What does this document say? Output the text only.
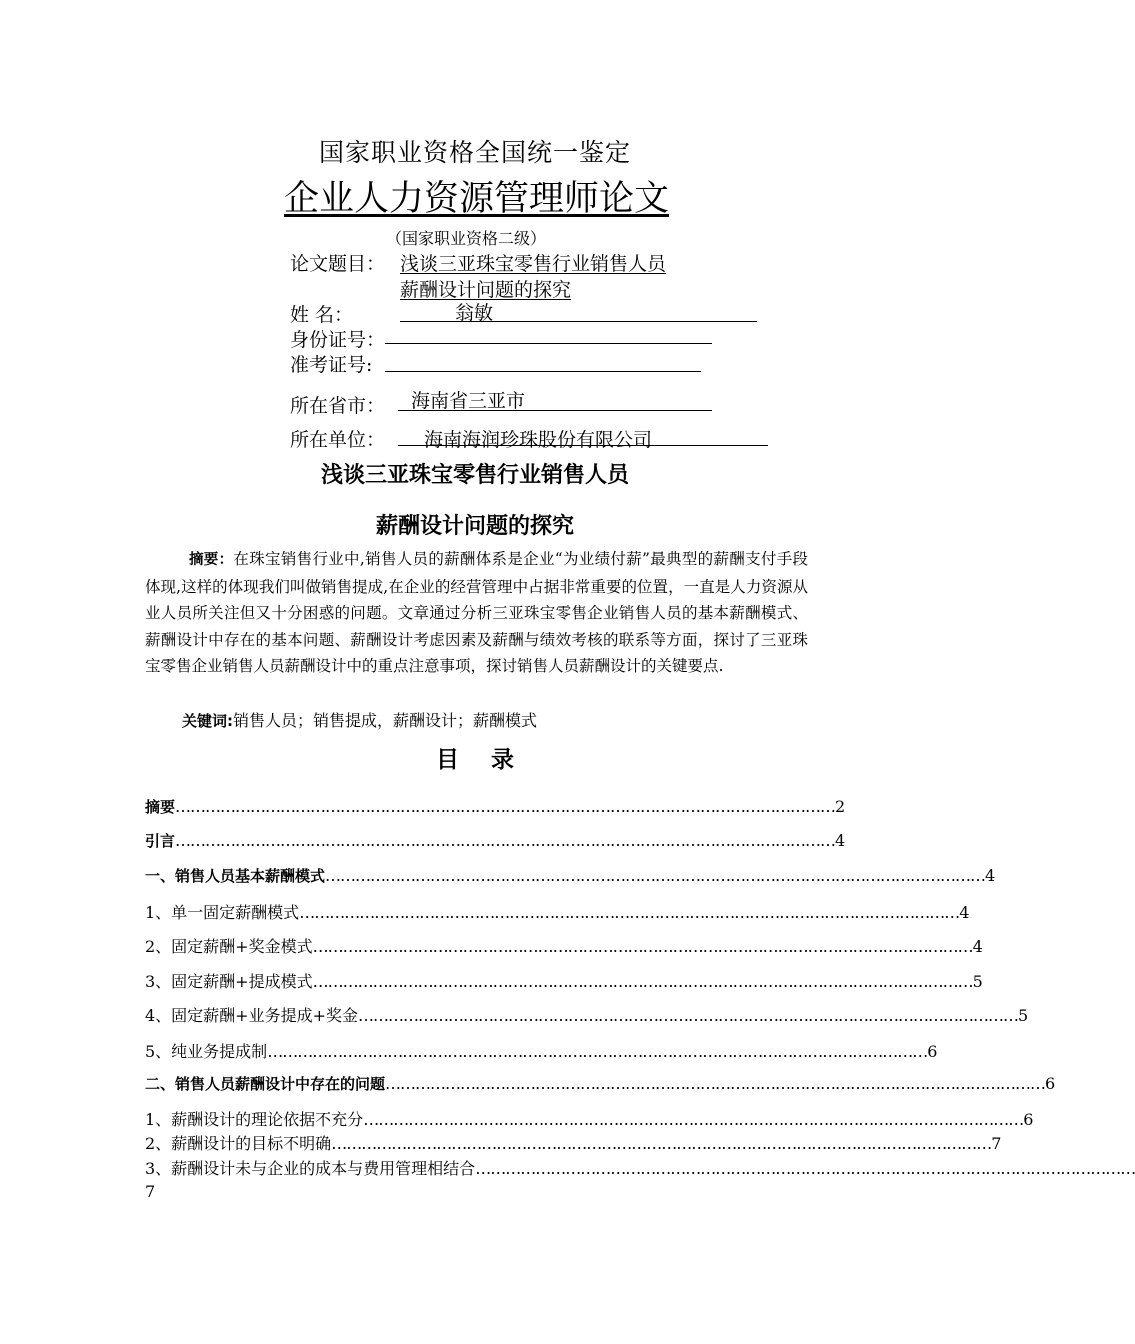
国家职业资格全国统一鉴定
企业人力资源管理师论文
（国家职业资格二级）
论文题目： 浅谈三亚珠宝零售行业销售人员
薪酬设计问题的探究
姓 名：	翁敏
身份证号：
准考证号:
所在省市： 海南省三亚市
所在单位： 海南海润珍珠股份有限公司
浅谈三亚珠宝零售行业销售人员
薪酬设计问题的探究
摘要：在珠宝销售行业中,销售人员的薪酬体系是企业“为业绩付薪”最典型的薪酬支付手段体现,这样的体现我们叫做销售提成,在企业的经营管理中占据非常重要的位置，一直是人力资源从业人员所关注但又十分困惑的问题。文章通过分析三亚珠宝零售企业销售人员的基本薪酬模式、薪酬设计中存在的基本问题、薪酬设计考虑因素及薪酬与绩效考核的联系等方面，探讨了三亚珠宝零售企业销售人员薪酬设计中的重点注意事项，探讨销售人员薪酬设计的关键要点.
关键词:销售人员；销售提成，薪酬设计；薪酬模式
目    录
摘要 …………………………………………………………………………………………………………………… 2
引言 …………………………………………………………………………………………………………………… 4
一、销售人员基本薪酬模式 …………………………………………………………………………………………………………………… 4
1、单一固定薪酬模式 …………………………………………………………………………………………………………………… 4
2、固定薪酬+奖金模式 …………………………………………………………………………………………………………………… 4
3、固定薪酬+提成模式 …………………………………………………………………………………………………………………… 5
4、固定薪酬+业务提成+奖金 …………………………………………………………………………………………………………………… 5
5、纯业务提成制 …………………………………………………………………………………………………………………… 6
二、销售人员薪酬设计中存在的问题 …………………………………………………………………………………………………………………… 6
1、薪酬设计的理论依据不充分 …………………………………………………………………………………………………………………… 6
2、薪酬设计的目标不明确 …………………………………………………………………………………………………………………… 7
3、薪酬设计未与企业的成本与费用管理相结合 ……………………………………………………………………………………………………………………
7
